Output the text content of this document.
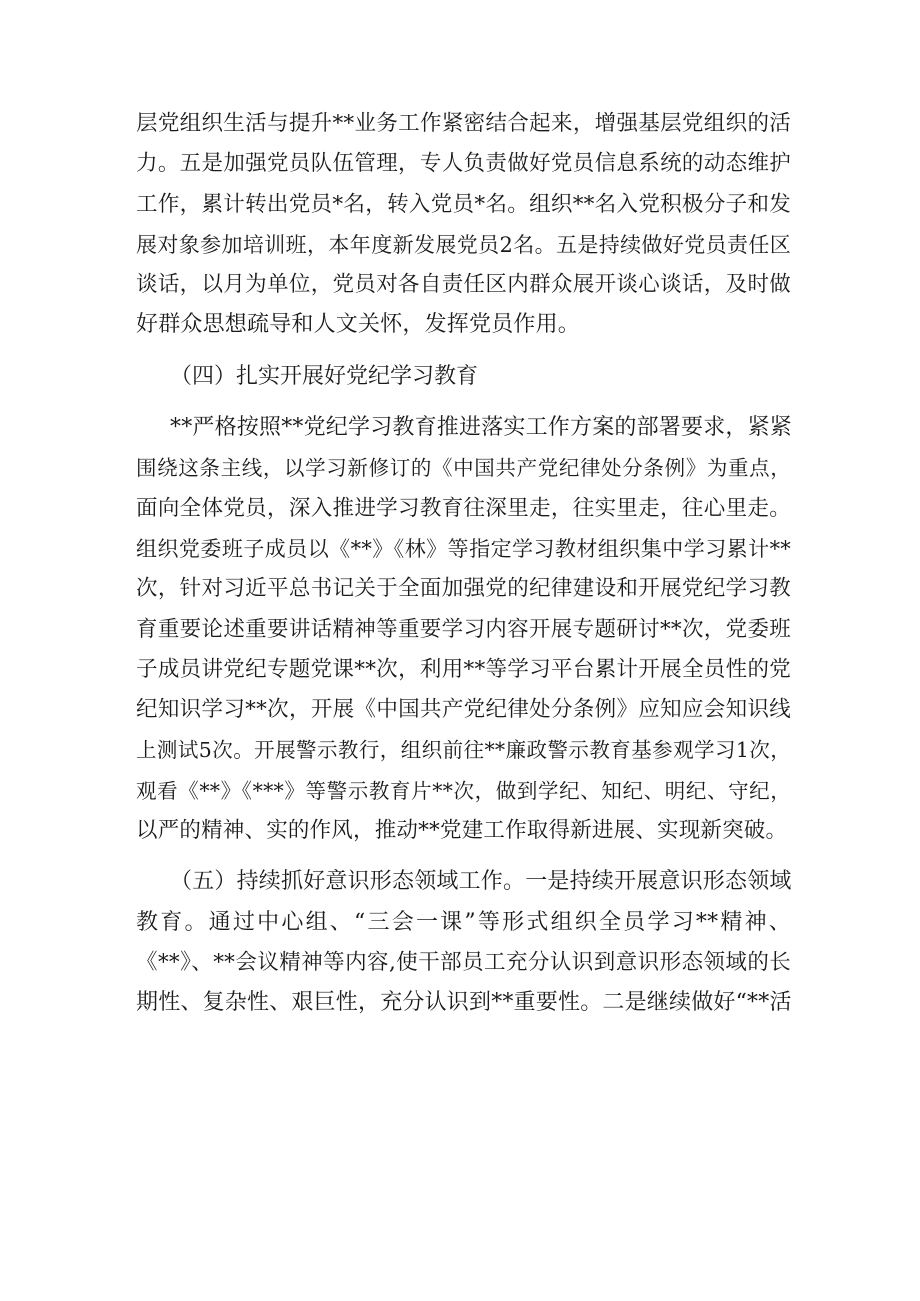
层党组织生活与提升**业务工作紧密结合起来，增强基层党组织的活
力。五是加强党员队伍管理，专人负责做好党员信息系统的动态维护
工作，累计转出党员*名，转入党员*名。组织**名入党积极分子和发
展对象参加培训班，本年度新发展党员2名。五是持续做好党员责任区
谈话，以月为单位，党员对各自责任区内群众展开谈心谈话，及时做
好群众思想疏导和人文关怀，发挥党员作用。
（四）扎实开展好党纪学习教育
**严格按照**党纪学习教育推进落实工作方案的部署要求，紧紧
围绕这条主线，以学习新修订的《中国共产党纪律处分条例》为重点，
面向全体党员，深入推进学习教育往深里走，往实里走，往心里走。
组织党委班子成员以《**》《林》等指定学习教材组织集中学习累计**
次，针对习近平总书记关于全面加强党的纪律建设和开展党纪学习教
育重要论述重要讲话精神等重要学习内容开展专题研讨**次，党委班
子成员讲党纪专题党课**次，利用**等学习平台累计开展全员性的党
纪知识学习**次，开展《中国共产党纪律处分条例》应知应会知识线
上测试5次。开展警示教行，组织前往**廉政警示教育基参观学习1次，
观看《**》《***》等警示教育片**次，做到学纪、知纪、明纪、守纪，
以严的精神、实的作风，推动**党建工作取得新进展、实现新突破。
（五）持续抓好意识形态领域工作。一是持续开展意识形态领域
教育。通过中心组、“三会一课”等形式组织全员学习**精神、
《**》、**会议精神等内容,使干部员工充分认识到意识形态领域的长
期性、复杂性、艰巨性，充分认识到**重要性。二是继续做好“**活
